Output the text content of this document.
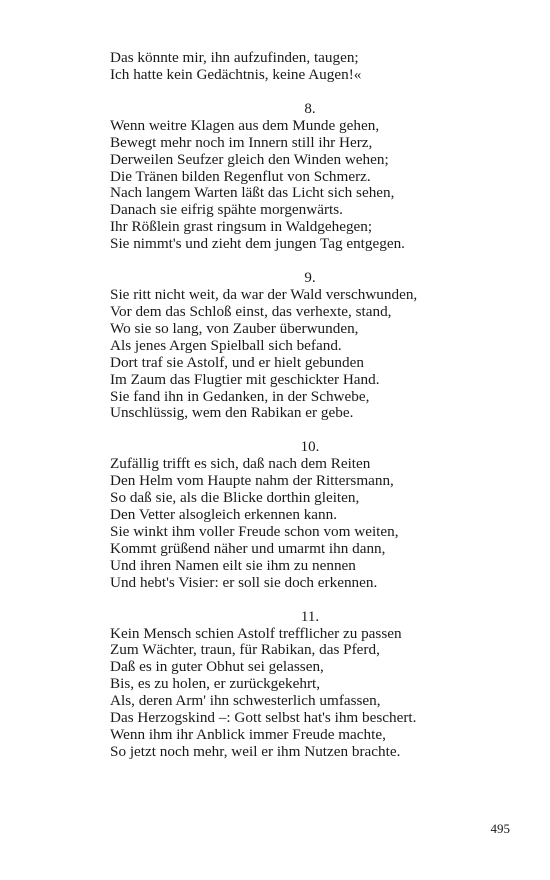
Das könnte mir, ihn aufzufinden, taugen;
Ich hatte kein Gedächtnis, keine Augen!«
8.
Wenn weitre Klagen aus dem Munde gehen,
Bewegt mehr noch im Innern still ihr Herz,
Derweilen Seufzer gleich den Winden wehen;
Die Tränen bilden Regenflut von Schmerz.
Nach langem Warten läßt das Licht sich sehen,
Danach sie eifrig spähte morgenwärts.
Ihr Rößlein grast ringsum in Waldgehegen;
Sie nimmt's und zieht dem jungen Tag entgegen.
9.
Sie ritt nicht weit, da war der Wald verschwunden,
Vor dem das Schloß einst, das verhexte, stand,
Wo sie so lang, von Zauber überwunden,
Als jenes Argen Spielball sich befand.
Dort traf sie Astolf, und er hielt gebunden
Im Zaum das Flugtier mit geschickter Hand.
Sie fand ihn in Gedanken, in der Schwebe,
Unschlüssig, wem den Rabikan er gebe.
10.
Zufällig trifft es sich, daß nach dem Reiten
Den Helm vom Haupte nahm der Rittersmann,
So daß sie, als die Blicke dorthin gleiten,
Den Vetter alsogleich erkennen kann.
Sie winkt ihm voller Freude schon vom weiten,
Kommt grüßend näher und umarmt ihn dann,
Und ihren Namen eilt sie ihm zu nennen
Und hebt's Visier: er soll sie doch erkennen.
11.
Kein Mensch schien Astolf trefflicher zu passen
Zum Wächter, traun, für Rabikan, das Pferd,
Daß es in guter Obhut sei gelassen,
Bis, es zu holen, er zurückgekehrt,
Als, deren Arm' ihn schwesterlich umfassen,
Das Herzogskind –: Gott selbst hat's ihm beschert.
Wenn ihm ihr Anblick immer Freude machte,
So jetzt noch mehr, weil er ihm Nutzen brachte.
495
